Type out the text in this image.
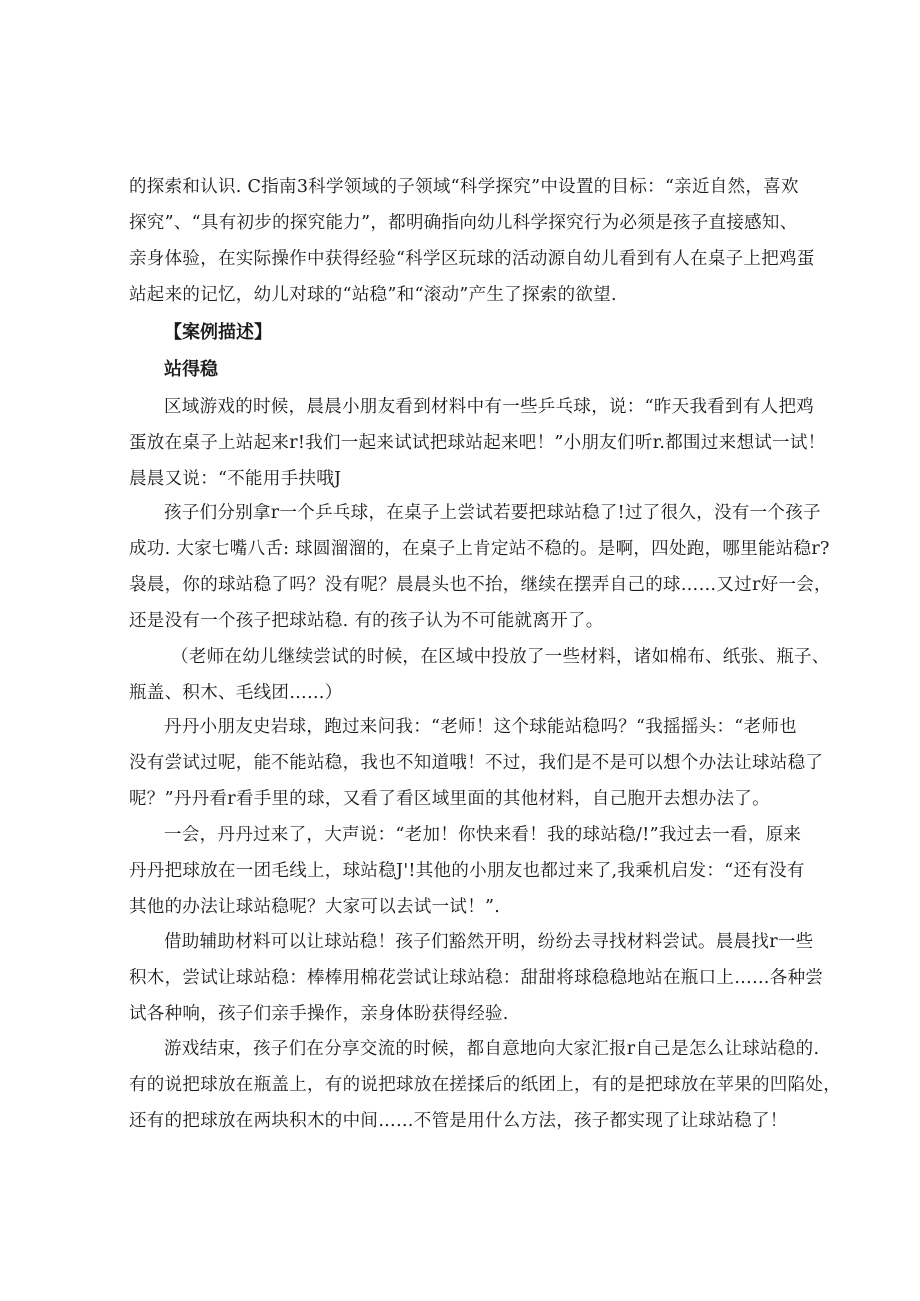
的探索和认识. C指南3科学领域的子领域“科学探究”中设置的目标：“亲近自然，喜欢

探究”、“具有初步的探究能力”，都明确指向幼儿科学探究行为必须是孩子直接感知、

亲身体验，在实际操作中获得经验“科学区玩球的活动源自幼儿看到有人在桌子上把鸡蛋

站起来的记忆，幼儿对球的“站稳”和“滚动”产生了探索的欲望.

【案例描述】
站得稳

区域游戏的时候，晨晨小朋友看到材料中有一些乒乓球，说：“昨天我看到有人把鸡

蛋放在桌子上站起来r!我们一起来试试把球站起来吧！”小朋友们听r.都围过来想试一试！

晨晨又说：“不能用手扶哦J

孩子们分别拿r一个乒乓球，在桌子上尝试若要把球站稳了!过了很久，没有一个孩子

成功. 大家七嘴八舌: 球圆溜溜的，在桌子上肯定站不稳的。是啊，四处跑，哪里能站稳r?

袅晨，你的球站稳了吗？没有呢？晨晨头也不抬，继续在摆弄自己的球……又过r好一会，

还是没有一个孩子把球站稳. 有的孩子认为不可能就离开了。

（老师在幼儿继续尝试的时候，在区域中投放了一些材料，诸如棉布、纸张、瓶子、

瓶盖、积木、毛线团……）

丹丹小朋友史岩球，跑过来问我：“老师！这个球能站稳吗？“我摇摇头：“老师也

没有尝试过呢，能不能站稳，我也不知道哦！不过，我们是不是可以想个办法让球站稳了

呢？”丹丹看r看手里的球，又看了看区域里面的其他材料，自己胞开去想办法了。

一会，丹丹过来了，大声说：“老加！你快来看！我的球站稳/!”我过去一看，原来

丹丹把球放在一团毛线上，球站稳J'!其他的小朋友也都过来了,我乘机启发：“还有没有

其他的办法让球站稳呢？大家可以去试一试！”.

借助辅助材料可以让球站稳！孩子们豁然开明，纷纷去寻找材料尝试。晨晨找r一些

积木，尝试让球站稳：棒棒用棉花尝试让球站稳：甜甜将球稳稳地站在瓶口上……各种尝

试各种响，孩子们亲手操作，亲身体盼获得经验.

游戏结束，孩子们在分享交流的时候，都自意地向大家汇报r自己是怎么让球站稳的.

有的说把球放在瓶盖上，有的说把球放在搓揉后的纸团上，有的是把球放在苹果的凹陷处，

还有的把球放在两块积木的中间……不管是用什么方法，孩子都实现了让球站稳了！
